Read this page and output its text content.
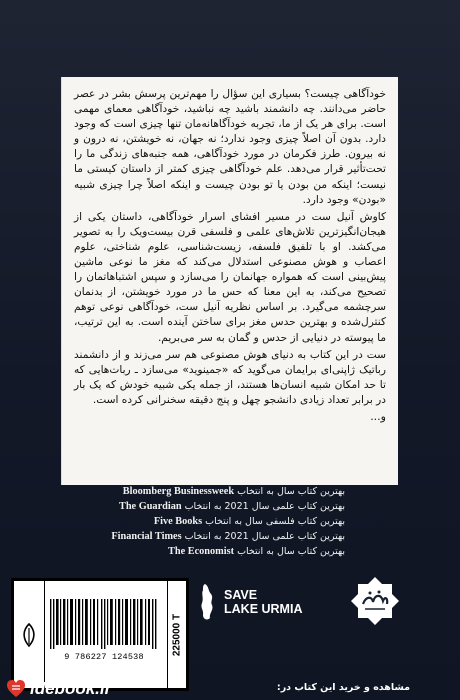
خودآگاهی چیست؟ بسیاری این سؤال را مهم‌ترین پرسش بشر در عصر حاضر می‌دانند. چه دانشمند باشید چه نباشید، خودآگاهی معمای مهمی است. برای هر یک از ما، تجربه خودآگاهانه‌مان تنها چیزی است که وجود دارد. بدون آن اصلاً چیزی وجود ندارد؛ نه جهان، نه خویشتن، نه درون و نه بیرون. طرز فکرمان در مورد خودآگاهی، همه جنبه‌های زندگی ما را تحت‌تأثیر قرار می‌دهد. علم خودآگاهی چیزی کمتر از داستان کیستی ما نیست؛ اینکه من بودن یا تو بودن چیست و اینکه اصلاً چرا چیزی شبیه «بودن» وجود دارد.

کاوش آنیل ست در مسیر افشای اسرار خودآگاهی، داستان یکی از هیجان‌انگیزترین تلاش‌های علمی و فلسفی قرن بیست‌ویک را به تصویر می‌کشد. او با تلفیق فلسفه، زیست‌شناسی، علوم شناختی، علوم اعصاب و هوش مصنوعی استدلال می‌کند که مغز ما نوعی ماشین پیش‌بینی است که همواره جهانمان را می‌سازد و سپس اشتباهاتمان را تصحیح می‌کند، به این معنا که حس ما در مورد خویشتن، از بدنمان سرچشمه می‌گیرد. بر اساس نظریه آنیل ست، خودآگاهی نوعی توهم کنترل‌شده و بهترین حدس مغز برای ساختن آینده است. به این ترتیب، ما پیوسته در دنیایی از حدس و گمان به سر می‌بریم.

ست در این کتاب به دنیای هوش مصنوعی هم سر می‌زند و از دانشمند رباتیک ژاپنی‌ای برایمان می‌گوید که «جمینوید» می‌سازد ـ ربات‌هایی که تا حد امکان شبیه انسان‌ها هستند، از جمله یکی شبیه خودش که یک بار در برابر تعداد زیادی دانشجو چهل و پنج دقیقه سخنرانی کرده است.

و...

بهترین کتاب سال به انتخاب
Bloomberg Businessweek
بهترین کتاب علمی سال 2021 به انتخاب
The Guardian
بهترین کتاب فلسفی سال به انتخاب
Five Books
بهترین کتاب علمی سال 2021 به انتخاب
Financial Times
بهترین کتاب سال به انتخاب
The Economist
9 786227 124538
225000 T
SAVE
LAKE URMIA
idebook.ir	مشاهده و خرید این کتاب در:
